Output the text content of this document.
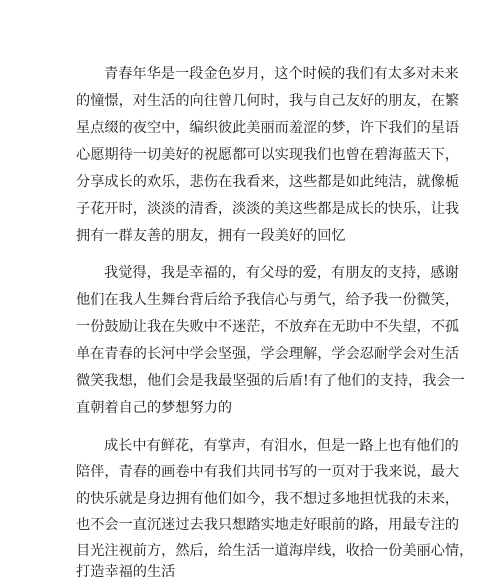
青春年华是一段金色岁月，这个时候的我们有太多对未来
的憧憬，对生活的向往曾几何时，我与自己友好的朋友，在繁
星点缀的夜空中，编织彼此美丽而羞涩的梦，许下我们的星语
心愿期待一切美好的祝愿都可以实现我们也曾在碧海蓝天下，
分享成长的欢乐，悲伤在我看来，这些都是如此纯洁，就像栀
子花开时，淡淡的清香，淡淡的美这些都是成长的快乐，让我
拥有一群友善的朋友，拥有一段美好的回忆
我觉得，我是幸福的，有父母的爱，有朋友的支持，感谢
他们在我人生舞台背后给予我信心与勇气，给予我一份微笑，
一份鼓励让我在失败中不迷茫，不放弃在无助中不失望，不孤
单在青春的长河中学会坚强，学会理解，学会忍耐学会对生活
微笑我想，他们会是我最坚强的后盾!有了他们的支持，我会一
直朝着自己的梦想努力的
成长中有鲜花，有掌声，有泪水，但是一路上也有他们的
陪伴，青春的画卷中有我们共同书写的一页对于我来说，最大
的快乐就是身边拥有他们如今，我不想过多地担忧我的未来，
也不会一直沉迷过去我只想踏实地走好眼前的路，用最专注的
目光注视前方，然后，给生活一道海岸线，收拾一份美丽心情，
打造幸福的生活
